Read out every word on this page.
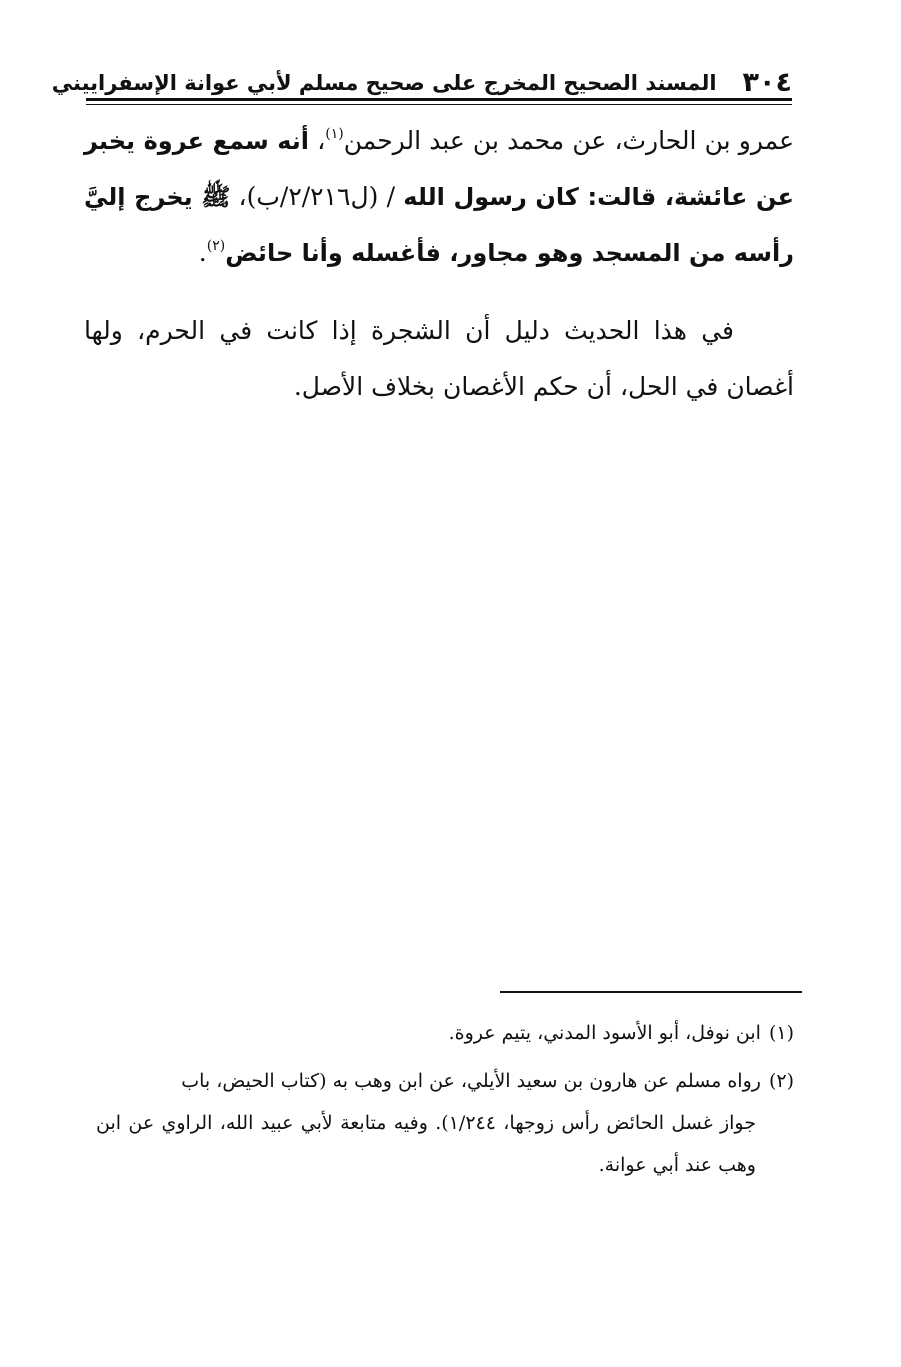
٣٠٤
المسند الصحيح المخرج على صحيح مسلم لأبي عوانة الإسفراييني

عمرو بن الحارث، عن محمد بن عبد الرحمن$^{(١)}$، أنه سمع عروة يخبر عن عائشة، قالت: كان رسول الله / (ل٢/٢١٦/ب)، ﷺ يخرج إليَّ رأسه من المسجد وهو مجاور، فأغسله وأنا حائض$^{(٢)}$.

في هذا الحديث دليل أن الشجرة إذا كانت في الحرم، ولها أغصان في الحل، أن حكم الأغصان بخلاف الأصل.

(١)ابن نوفل، أبو الأسود المدني، يتيم عروة.

(٢)رواه مسلم عن هارون بن سعيد الأيلي، عن ابن وهب به (كتاب الحيض، باب

جواز غسل الحائض رأس زوجها، ١/٢٤٤). وفيه متابعة لأبي عبيد الله، الراوي عن ابن وهب عند أبي عوانة.
